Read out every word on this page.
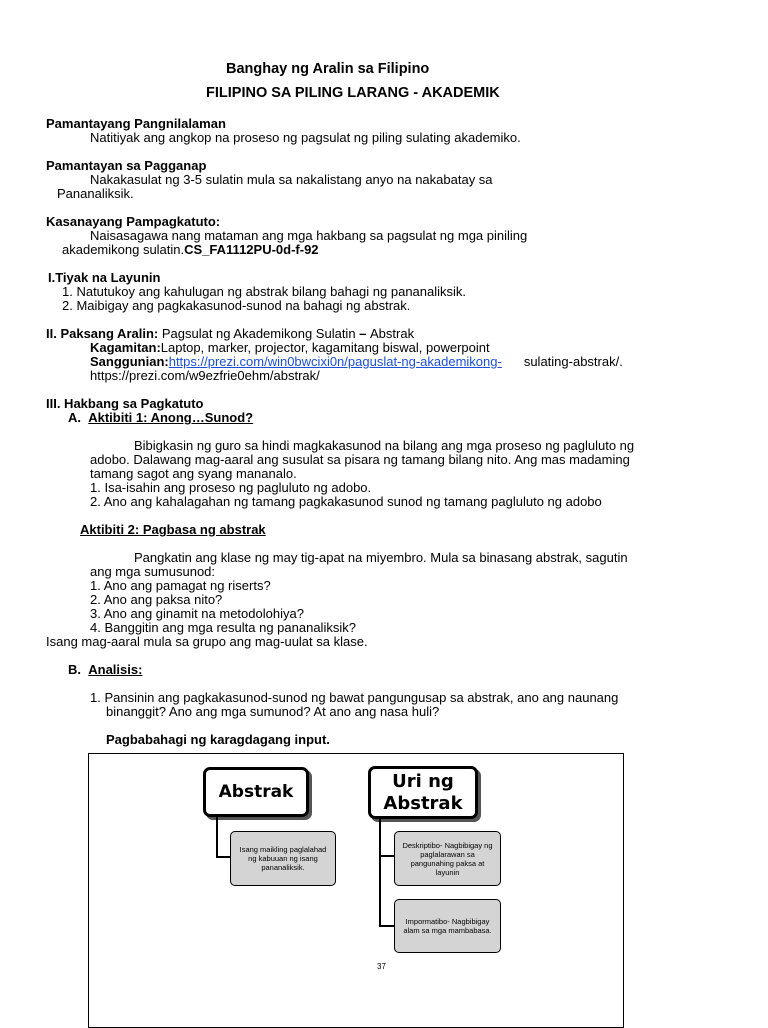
Banghay ng Aralin sa Filipino
FILIPINO SA PILING LARANG - AKADEMIK
Pamantayang Pangnilalaman
Natitiyak ang angkop na proseso ng pagsulat ng piling sulating akademiko.
Pamantayan sa Pagganap
Nakakasulat ng 3-5 sulatin mula sa nakalistang anyo na nakabatay sa
Pananaliksik.
Kasanayang Pampagkatuto:
Naisasagawa nang mataman ang mga hakbang sa pagsulat ng mga piniling
akademikong sulatin.CS_FA1112PU-0d-f-92
I.Tiyak na Layunin
1. Natutukoy ang kahulugan ng abstrak bilang bahagi ng pananaliksik.
2. Maibigay ang pagkakasunod-sunod na bahagi ng abstrak.
II. Paksang Aralin: Pagsulat ng Akademikong Sulatin – Abstrak
Kagamitan:Laptop, marker, projector, kagamitang biswal, powerpoint
Sanggunian:https://prezi.com/win0bwcixi0n/paguslat-ng-akademikong- sulating-abstrak/.
https://prezi.com/w9ezfrie0ehm/abstrak/
III. Hakbang sa Pagkatuto
A. Aktibiti 1: Anong…Sunod?
Bibigkasin ng guro sa hindi magkakasunod na bilang ang mga proseso ng pagluluto ng
adobo. Dalawang mag-aaral ang susulat sa pisara ng tamang bilang nito. Ang mas madaming
tamang sagot ang syang mananalo.
1. Isa-isahin ang proseso ng pagluluto ng adobo.
2. Ano ang kahalagahan ng tamang pagkakasunod sunod ng tamang pagluluto ng adobo
Aktibiti 2: Pagbasa ng abstrak
Pangkatin ang klase ng may tig-apat na miyembro. Mula sa binasang abstrak, sagutin
ang mga sumusunod:
1. Ano ang pamagat ng riserts?
2. Ano ang paksa nito?
3. Ano ang ginamit na metodolohiya?
4. Banggitin ang mga resulta ng pananaliksik?
Isang mag-aaral mula sa grupo ang mag-uulat sa klase.
B. Analisis:
1. Pansinin ang pagkakasunod-sunod ng bawat pangungusap sa abstrak, ano ang naunang
binanggit? Ano ang mga sumunod? At ano ang nasa huli?
Pagbabahagi ng karagdagang input.
Abstrak
Isang maikling paglalahad ng kabuuan ng isang pananaliksik.
Uri ng Abstrak
Deskriptibo- Nagbibigay ng paglalarawan sa pangunahing paksa at layunin
Impormatibo- Nagbibigay alam sa mga mambabasa.
37
